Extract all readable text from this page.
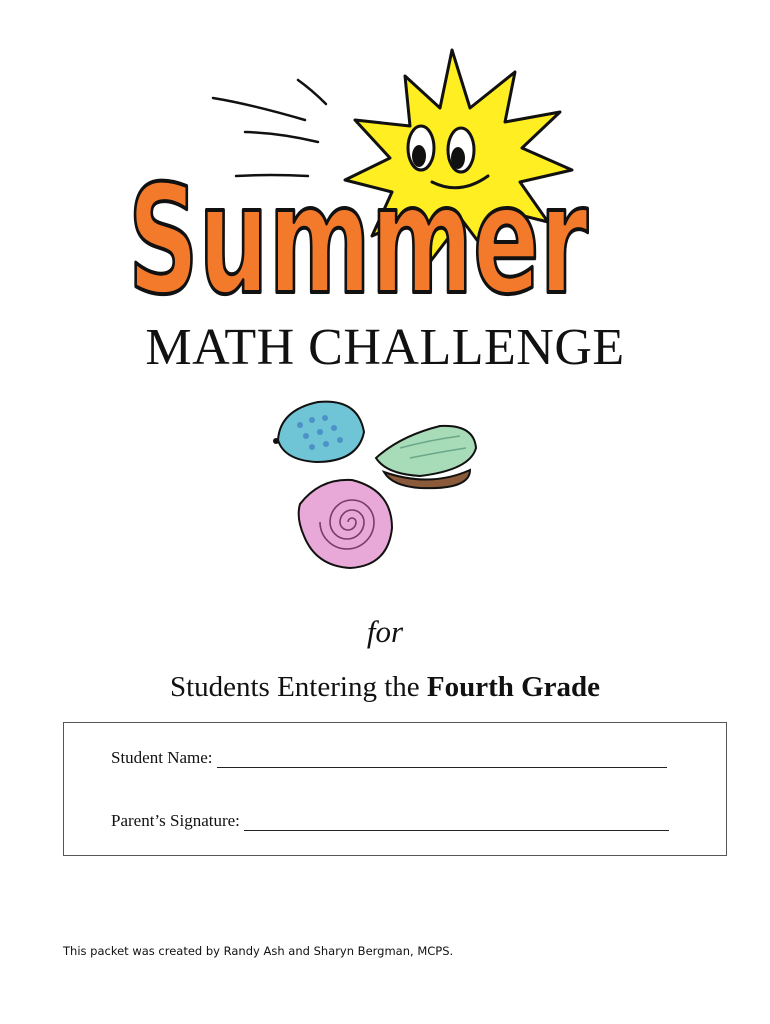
Summer
MATH CHALLENGE
for
Students Entering the Fourth Grade
Student Name:
Parent’s Signature:
This packet was created by Randy Ash and Sharyn Bergman, MCPS.
